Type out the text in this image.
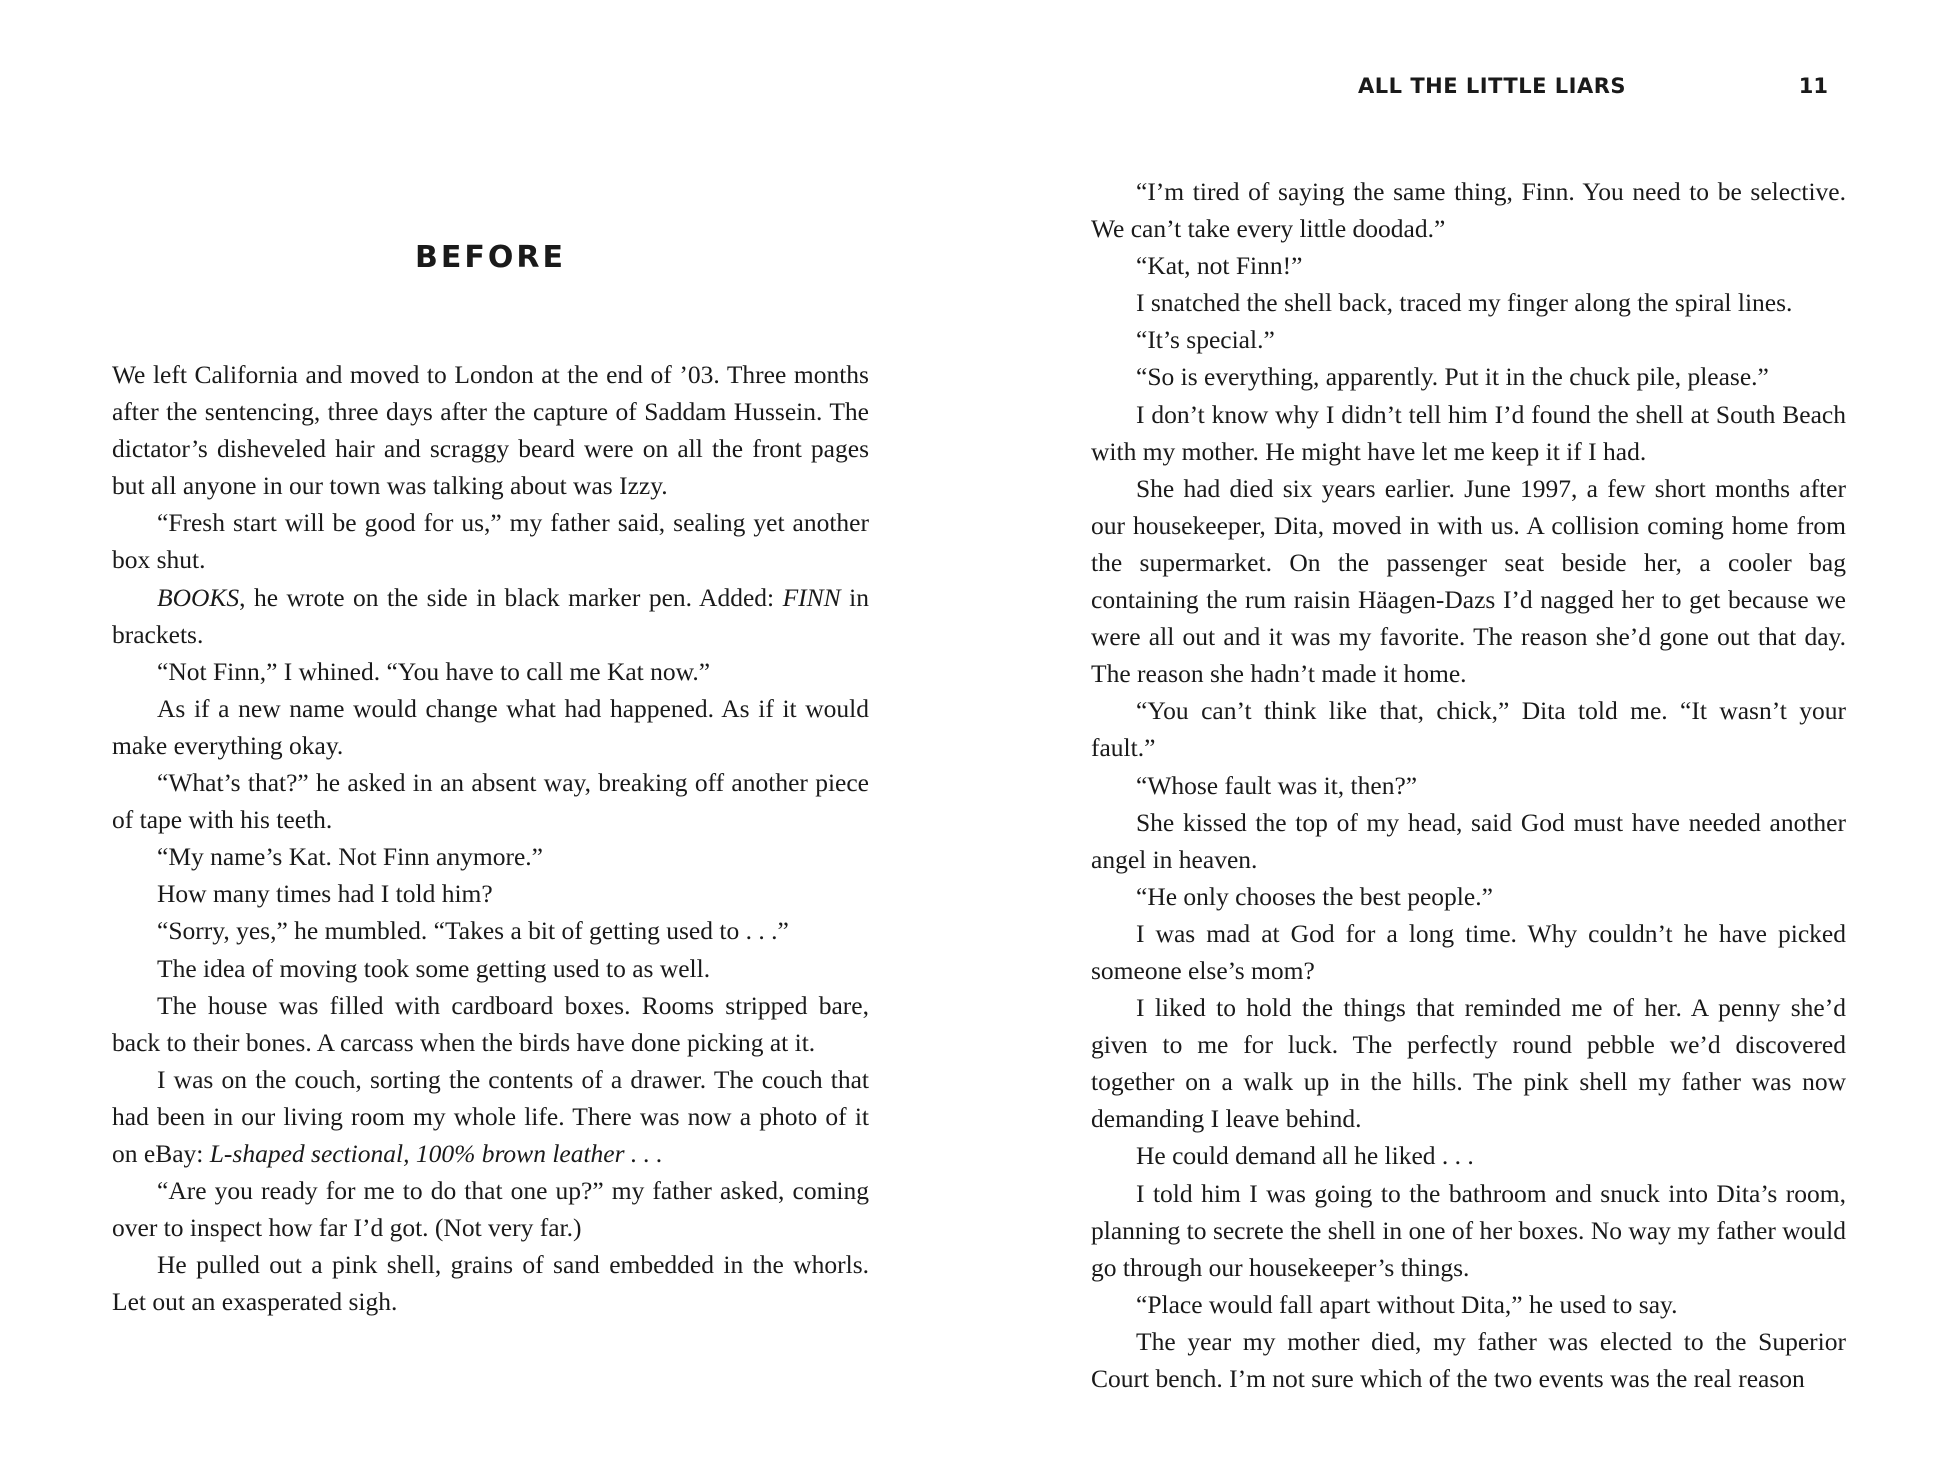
BEFORE

We left California and moved to London at the end of ’03. Three months after the sentencing, three days after the capture of Saddam Hussein. The dictator’s disheveled hair and scraggy beard were on all the front pages but all anyone in our town was talking about was Izzy.

“Fresh start will be good for us,” my father said, sealing yet another box shut.

BOOKS, he wrote on the side in black marker pen. Added: FINN in brackets.

“Not Finn,” I whined. “You have to call me Kat now.”

As if a new name would change what had happened. As if it would make everything okay.

“What’s that?” he asked in an absent way, breaking off another piece of tape with his teeth.

“My name’s Kat. Not Finn anymore.”

How many times had I told him?

“Sorry, yes,” he mumbled. “Takes a bit of getting used to . . .”

The idea of moving took some getting used to as well.

The house was filled with cardboard boxes. Rooms stripped bare, back to their bones. A carcass when the birds have done picking at it.

I was on the couch, sorting the contents of a drawer. The couch that had been in our living room my whole life. There was now a photo of it on eBay: L-shaped sectional, 100% brown leather . . .

“Are you ready for me to do that one up?” my father asked, coming over to inspect how far I’d got. (Not very far.)

He pulled out a pink shell, grains of sand embedded in the whorls. Let out an exasperated sigh.

ALL THE LITTLE LIARS	11

“I’m tired of saying the same thing, Finn. You need to be selective. We can’t take every little doodad.”

“Kat, not Finn!”

I snatched the shell back, traced my finger along the spiral lines.

“It’s special.”

“So is everything, apparently. Put it in the chuck pile, please.”

I don’t know why I didn’t tell him I’d found the shell at South Beach with my mother. He might have let me keep it if I had.

She had died six years earlier. June 1997, a few short months after our housekeeper, Dita, moved in with us. A collision coming home from the supermarket. On the passenger seat beside her, a cooler bag containing the rum raisin Häagen-Dazs I’d nagged her to get because we were all out and it was my favorite. The reason she’d gone out that day. The reason she hadn’t made it home.

“You can’t think like that, chick,” Dita told me. “It wasn’t your fault.”

“Whose fault was it, then?”

She kissed the top of my head, said God must have needed another angel in heaven.

“He only chooses the best people.”

I was mad at God for a long time. Why couldn’t he have picked someone else’s mom?

I liked to hold the things that reminded me of her. A penny she’d given to me for luck. The perfectly round pebble we’d discovered together on a walk up in the hills. The pink shell my father was now demanding I leave behind.

He could demand all he liked . . .

I told him I was going to the bathroom and snuck into Dita’s room, planning to secrete the shell in one of her boxes. No way my father would go through our housekeeper’s things.

“Place would fall apart without Dita,” he used to say.

The year my mother died, my father was elected to the Superior Court bench. I’m not sure which of the two events was the real reason
